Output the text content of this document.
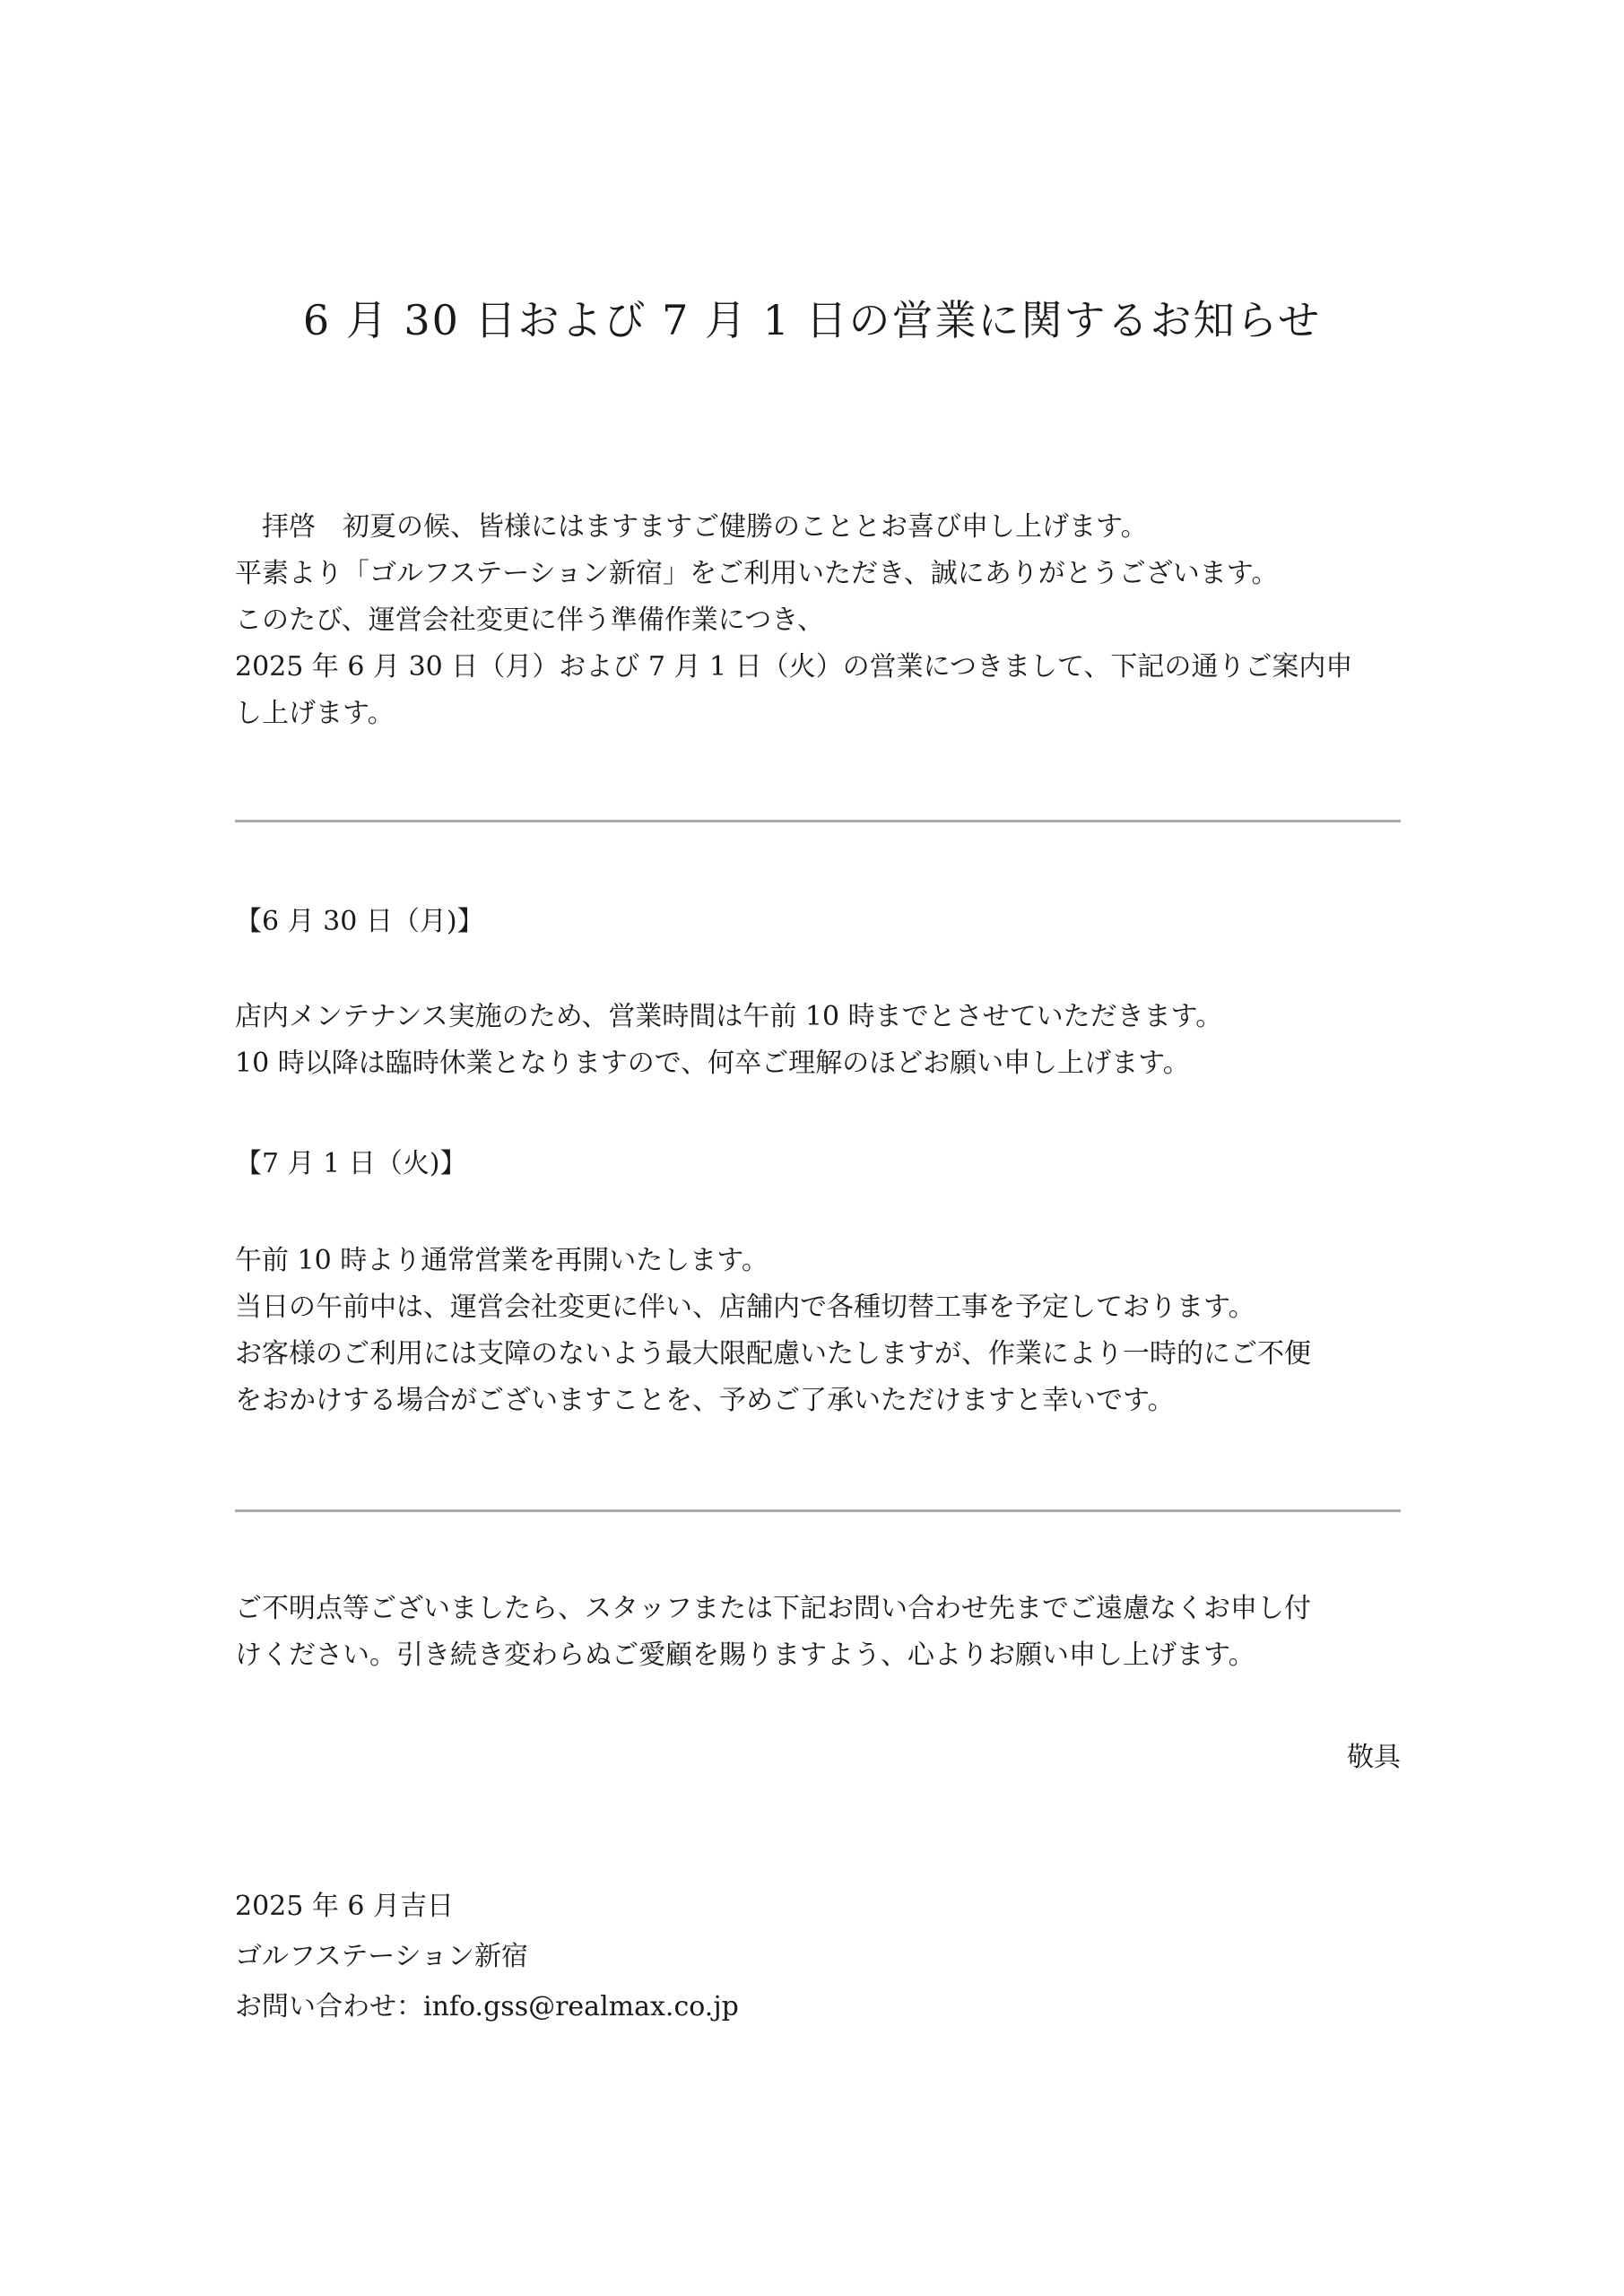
6 月 30 日および 7 月 1 日の営業に関するお知らせ
　拝啓　初夏の候、皆様にはますますご健勝のこととお喜び申し上げます。
平素より「ゴルフステーション新宿」をご利用いただき、誠にありがとうございます。
このたび、運営会社変更に伴う準備作業につき、
2025 年 6 月 30 日（月）および 7 月 1 日（火）の営業につきまして、下記の通りご案内申
し上げます。
【6 月 30 日（月)】
店内メンテナンス実施のため、営業時間は午前 10 時までとさせていただきます。
10 時以降は臨時休業となりますので、何卒ご理解のほどお願い申し上げます。
【7 月 1 日（火)】
午前 10 時より通常営業を再開いたします。
当日の午前中は、運営会社変更に伴い、店舗内で各種切替工事を予定しております。
お客様のご利用には支障のないよう最大限配慮いたしますが、作業により一時的にご不便
をおかけする場合がございますことを、予めご了承いただけますと幸いです。
ご不明点等ございましたら、スタッフまたは下記お問い合わせ先までご遠慮なくお申し付
けください。引き続き変わらぬご愛顧を賜りますよう、心よりお願い申し上げます。
敬具
2025 年 6 月吉日
ゴルフステーション新宿
お問い合わせ：info.gss@realmax.co.jp
